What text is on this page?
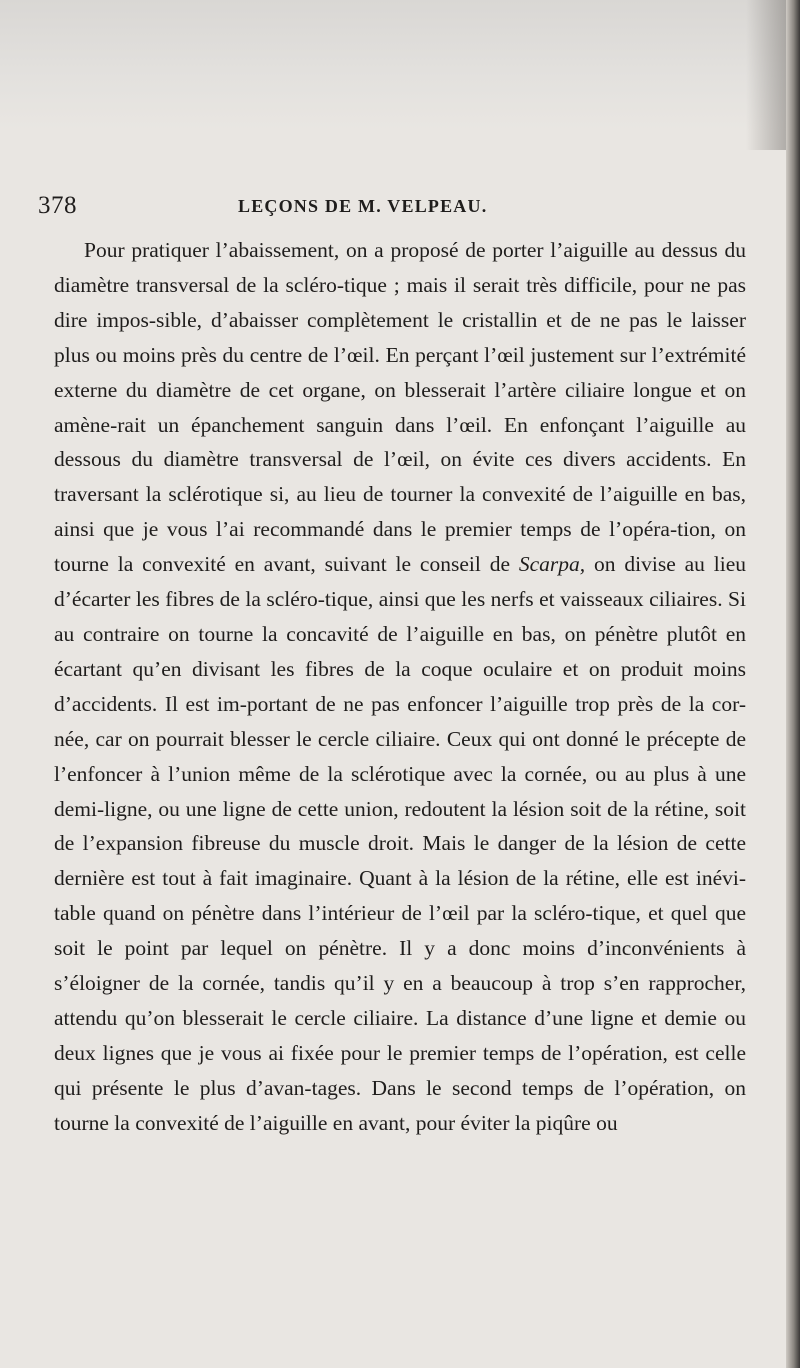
378	LEÇONS DE M. VELPEAU.

Pour pratiquer l’abaissement, on a proposé de porter l’aiguille au dessus du diamètre transversal de la scléro-tique ; mais il serait très difficile, pour ne pas dire impos-sible, d’abaisser complètement le cristallin et de ne pas le laisser plus ou moins près du centre de l’œil. En perçant l’œil justement sur l’extrémité externe du diamètre de cet organe, on blesserait l’artère ciliaire longue et on amène-rait un épanchement sanguin dans l’œil. En enfonçant l’aiguille au dessous du diamètre transversal de l’œil, on évite ces divers accidents. En traversant la sclérotique si, au lieu de tourner la convexité de l’aiguille en bas, ainsi que je vous l’ai recommandé dans le premier temps de l’opéra-tion, on tourne la convexité en avant, suivant le conseil de Scarpa, on divise au lieu d’écarter les fibres de la scléro-tique, ainsi que les nerfs et vaisseaux ciliaires. Si au contraire on tourne la concavité de l’aiguille en bas, on pénètre plutôt en écartant qu’en divisant les fibres de la coque oculaire et on produit moins d’accidents. Il est im-portant de ne pas enfoncer l’aiguille trop près de la cor-née, car on pourrait blesser le cercle ciliaire. Ceux qui ont donné le précepte de l’enfoncer à l’union même de la sclérotique avec la cornée, ou au plus à une demi-ligne, ou une ligne de cette union, redoutent la lésion soit de la rétine, soit de l’expansion fibreuse du muscle droit. Mais le danger de la lésion de cette dernière est tout à fait imaginaire. Quant à la lésion de la rétine, elle est inévi-table quand on pénètre dans l’intérieur de l’œil par la scléro-tique, et quel que soit le point par lequel on pénètre. Il y a donc moins d’inconvénients à s’éloigner de la cornée, tandis qu’il y en a beaucoup à trop s’en rapprocher, attendu qu’on blesserait le cercle ciliaire. La distance d’une ligne et demie ou deux lignes que je vous ai fixée pour le premier temps de l’opération, est celle qui présente le plus d’avan-tages. Dans le second temps de l’opération, on tourne la convexité de l’aiguille en avant, pour éviter la piqûre ou
